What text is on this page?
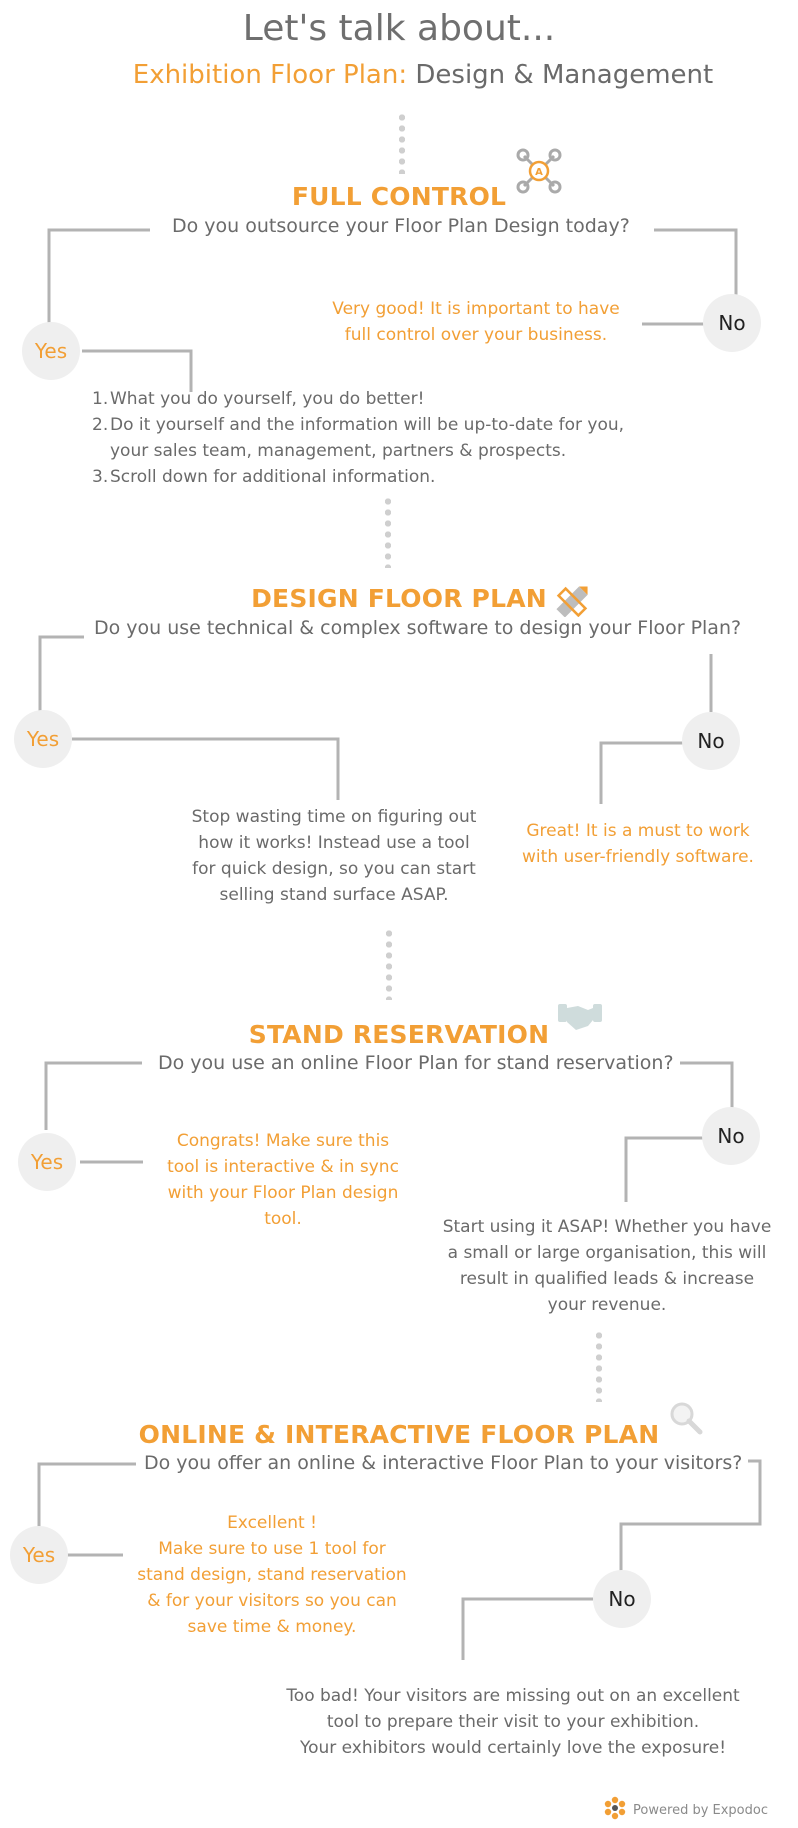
Let's talk about...
Exhibition Floor Plan: Design & Management
A
FULL CONTROL
Do you outsource your Floor Plan Design today?
Yes
No
Very good! It is important to have
full control over your business.
1. What you do yourself, you do better!
2. Do it yourself and the information will be up-to-date for you,
your sales team, management, partners & prospects.
3. Scroll down for additional information.
DESIGN FLOOR PLAN
Do you use technical & complex software to design your Floor Plan?
Yes	No
Stop wasting time on figuring out
how it works! Instead use a tool
for quick design, so you can start
selling stand surface ASAP.
Great! It is a must to work
with user-friendly software.
STAND RESERVATION
Do you use an online Floor Plan for stand reservation?
Yes
No
Congrats! Make sure this
tool is interactive & in sync
with your Floor Plan design
tool.	Start using it ASAP! Whether you have
a small or large organisation, this will
result in qualified leads & increase
your revenue.
ONLINE & INTERACTIVE FLOOR PLAN
Do you offer an online & interactive Floor Plan to your visitors?
Yes
No
Excellent !
Make sure to use 1 tool for
stand design, stand reservation
& for your visitors so you can
save time & money.
Too bad! Your visitors are missing out on an excellent
tool to prepare their visit to your exhibition.
Your exhibitors would certainly love the exposure!
Powered by Expodoc
